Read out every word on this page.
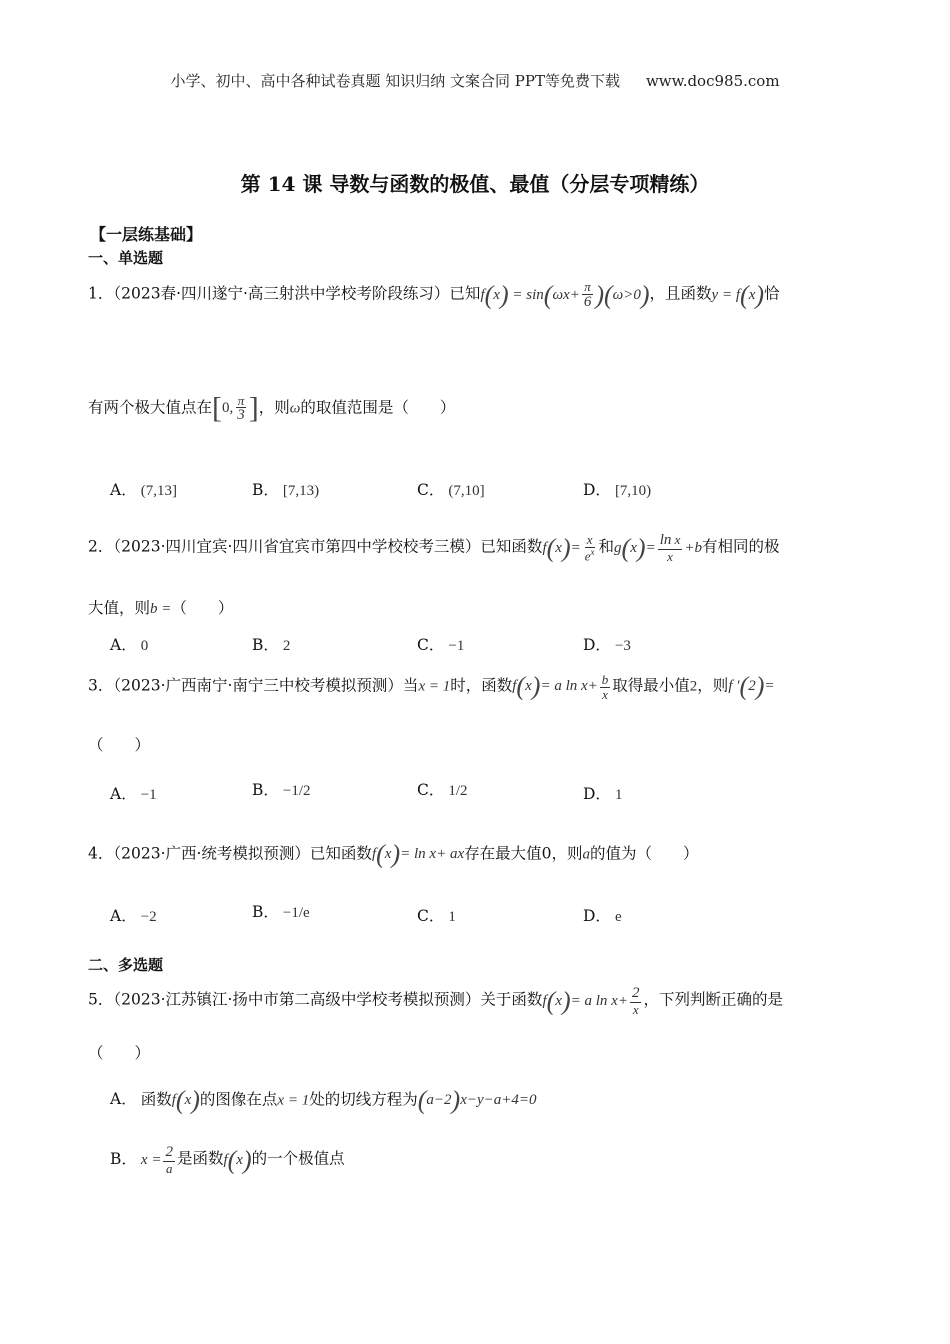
小学、初中、高中各种试卷真题 知识归纳 文案合同 PPT等免费下载 www.doc985.com
第 14 课 导数与函数的极值、最值（分层专项精练）
【一层练基础】
一、单选题
1．（2023春·四川遂宁·高三射洪中学校考阶段练习）已知$f(x) = \sin(\omega x+ \frac{\pi}{6} )(\omega>0)$，且函数y = f(x)恰
有两个极大值点在[0, $\frac{\pi}{3}$ ]，则ω的取值范围是（　　）
A． (7,13]	B． [7,13)	C． (7,10]	D． [7,10)
2．（2023·四川宜宾·四川省宜宾市第四中学校校考三模）已知函数$f(x)= \frac{x}{e^x}$ 和$g(x)= \frac{\text{ln x}}{x} +b$有相同的极
大值，则b =（　　）
A． 0	B． 2	C． −1	D． −3
3．（2023·广西南宁·南宁三中校考模拟预测）当x = 1时，函数f(x)= a $\ln x+ \frac{b}{x}$ 取得最小值2，则f ′(2)=
（　　）
A． −1	B． −1/2	C． 1/2	D． 1
4．（2023·广西·统考模拟预测）已知函数f(x)= ln x+ ax存在最大值0，则a的值为（　　）
A． −2	B． −1/e	C． 1	D． e
二、多选题
5．（2023·江苏镇江·扬中市第二高级中学校考模拟预测）关于函数f(x)= a $\ln x+ \frac{2}{x}$ ，下列判断正确的是
（　　）
A． 函数f(x)的图像在点x = 1处的切线方程为(a−2)x−y−a+4=0
B． $x = \frac{2}{a}$ 是函数f(x)的一个极值点
